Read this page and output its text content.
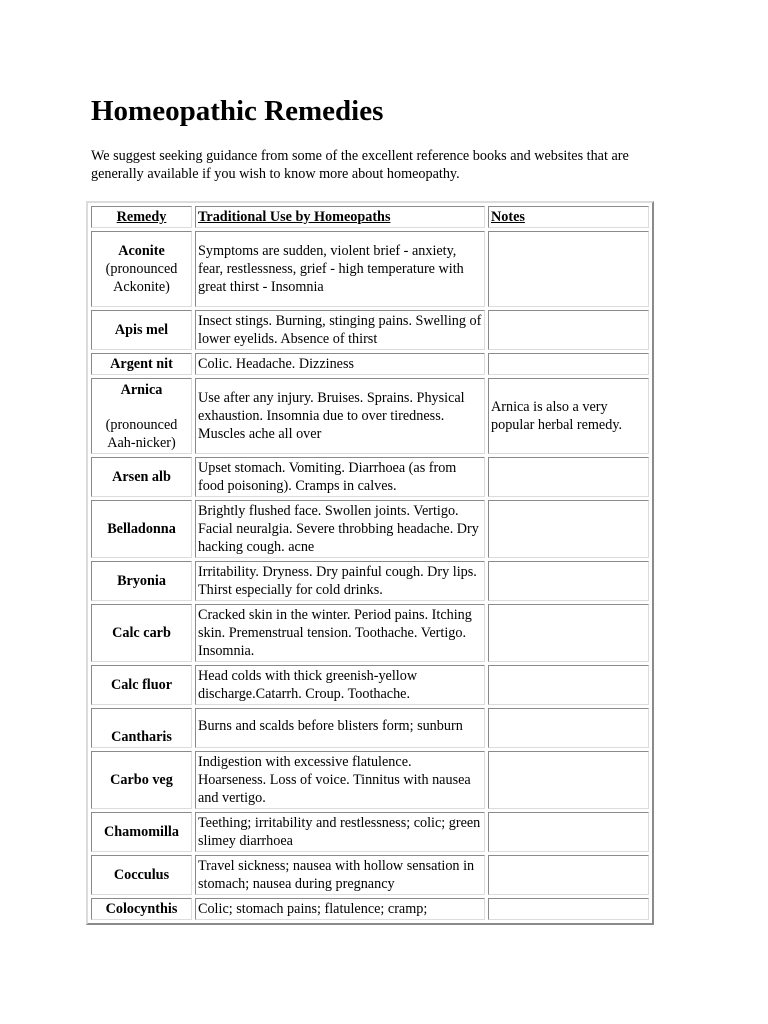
Homeopathic Remedies

We suggest seeking guidance from some of the excellent reference books and websites that are generally available if you wish to know more about homeopathy.

Remedy	Traditional Use by Homeopaths	Notes

Aconite
(pronounced Ackonite)	Symptoms are sudden, violent brief - anxiety, fear, restlessness, grief - high temperature with great thirst - Insomnia	

Apis mel	Insect stings. Burning, stinging pains. Swelling of lower eyelids. Absence of thirst	

Argent nit	Colic. Headache. Dizziness	

Arnica
(pronounced Aah-nicker)	Use after any injury. Bruises. Sprains. Physical exhaustion. Insomnia due to over tiredness. Muscles ache all over	Arnica is also a very popular herbal remedy.

Arsen alb	Upset stomach. Vomiting. Diarrhoea (as from food poisoning). Cramps in calves.	

Belladonna	Brightly flushed face. Swollen joints. Vertigo. Facial neuralgia. Severe throbbing headache. Dry hacking cough. acne	

Bryonia	Irritability. Dryness. Dry painful cough. Dry lips. Thirst especially for cold drinks.	

Calc carb	Cracked skin in the winter. Period pains. Itching skin. Premenstrual tension. Toothache. Vertigo. Insomnia.	

Calc fluor	Head colds with thick greenish-yellow discharge.Catarrh. Croup. Toothache.	

Cantharis	Burns and scalds before blisters form; sunburn	

Carbo veg	Indigestion with excessive flatulence. Hoarseness. Loss of voice. Tinnitus with nausea and vertigo.	

Chamomilla	Teething; irritability and restlessness; colic; green slimey diarrhoea	

Cocculus	Travel sickness; nausea with hollow sensation in stomach; nausea during pregnancy	

Colocynthis	Colic; stomach pains; flatulence; cramp;	
